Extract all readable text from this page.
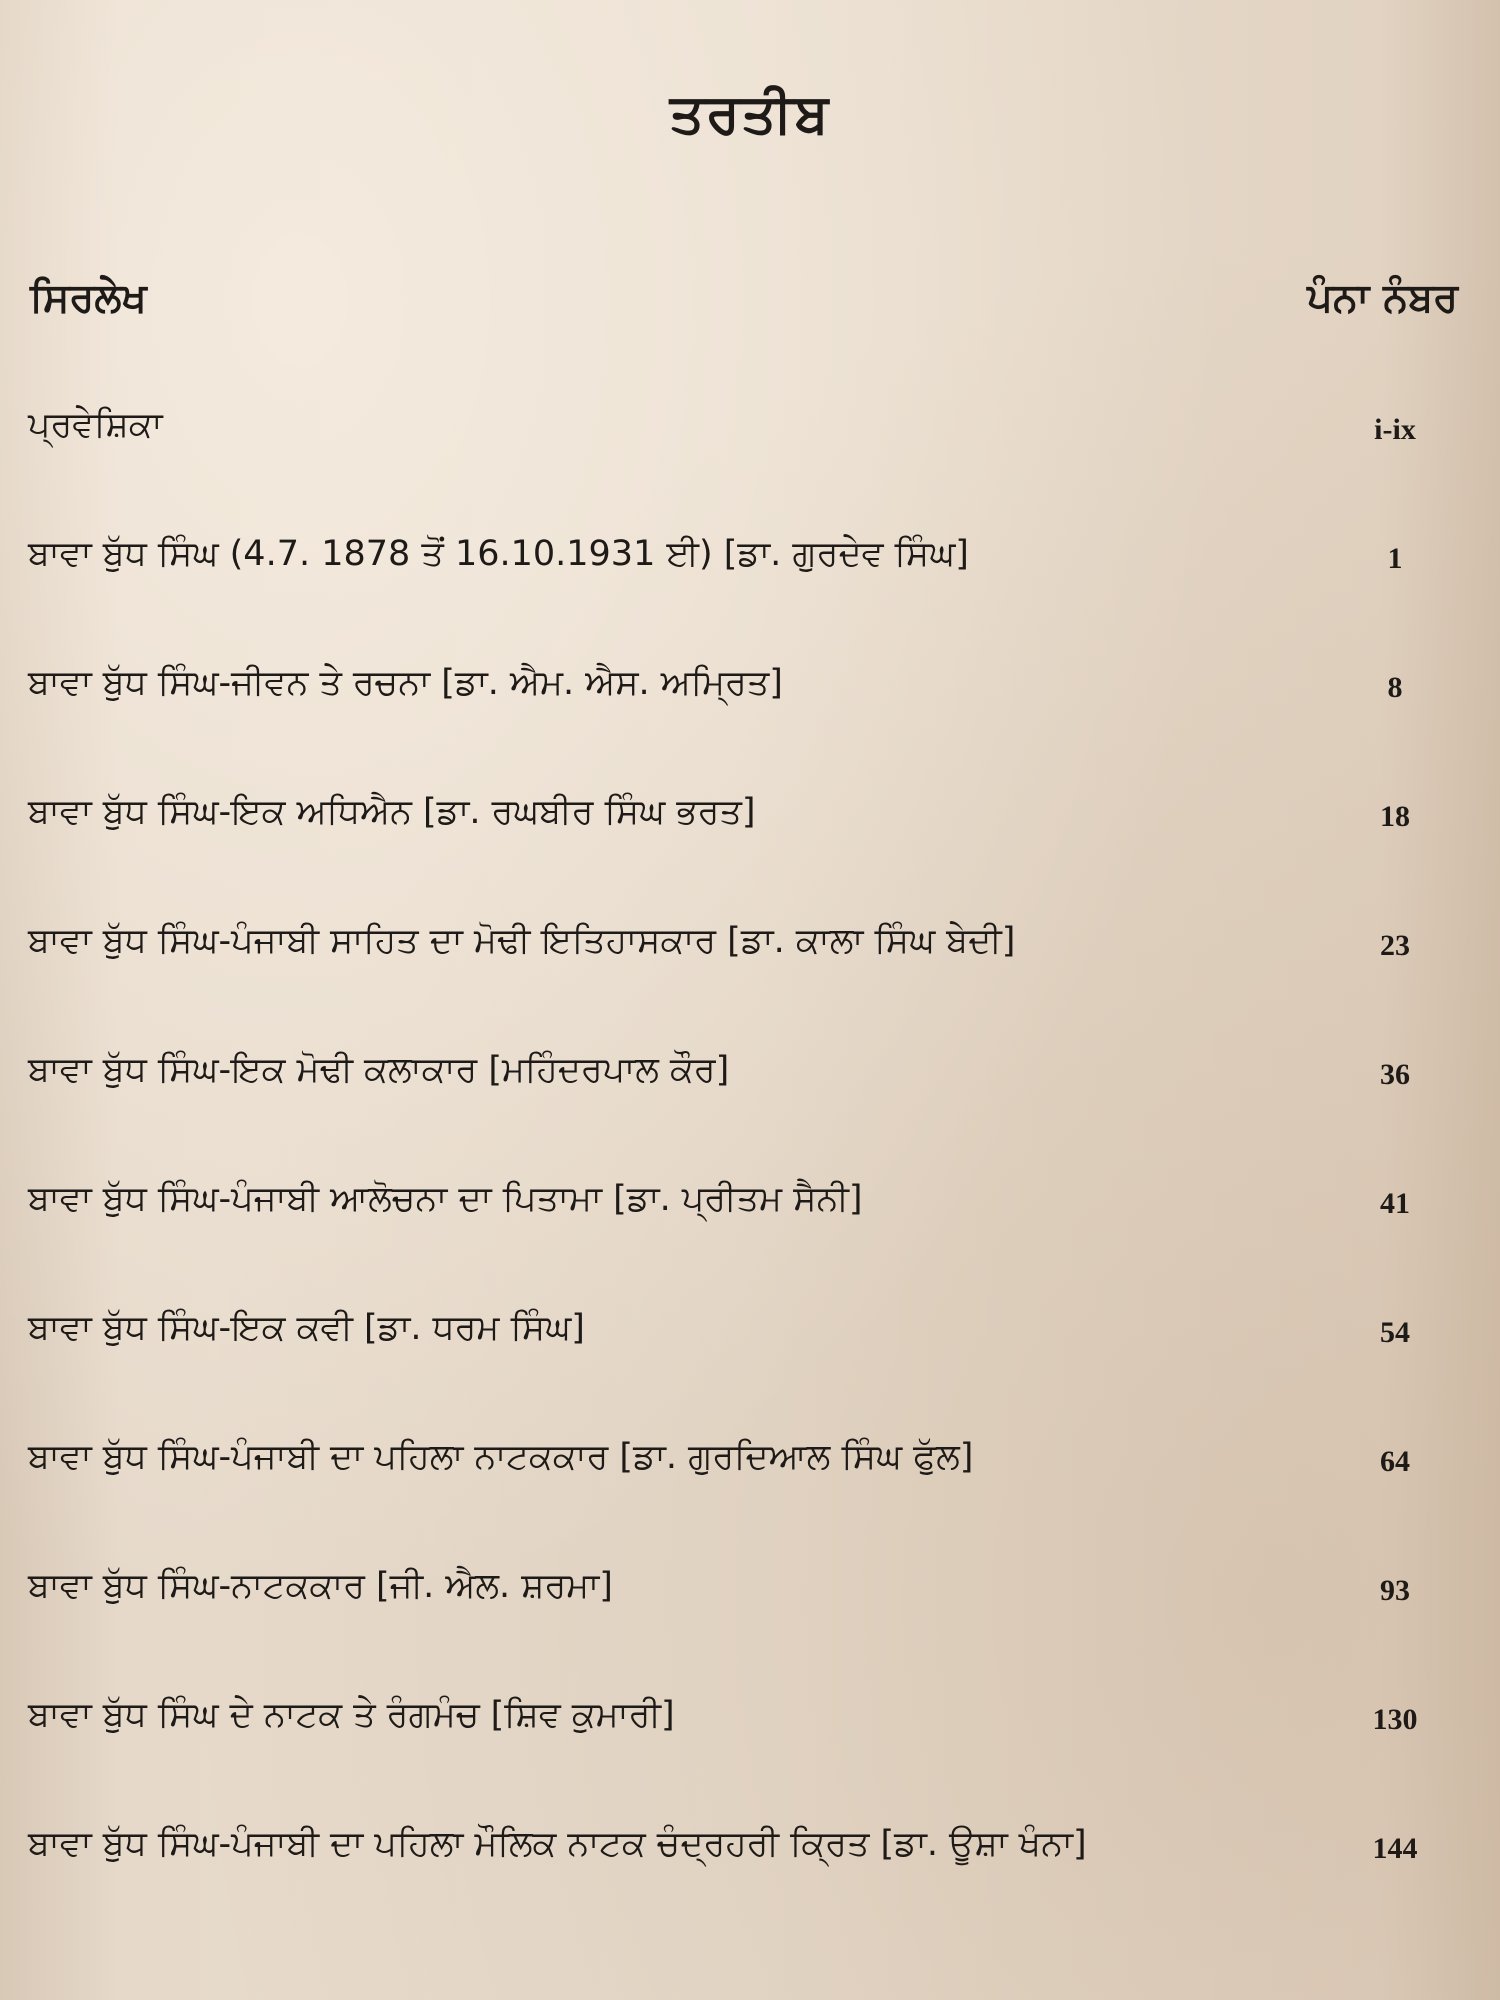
ਤਰਤੀਬ
ਸਿਰਲੇਖ	ਪੰਨਾ ਨੰਬਰ
ਪ੍ਰਵੇਸ਼ਿਕਾ	i-ix
ਬਾਵਾ ਬੁੱਧ ਸਿੰਘ (4.7. 1878 ਤੋਂ 16.10.1931 ਈ) [ਡਾ. ਗੁਰਦੇਵ ਸਿੰਘ]	1
ਬਾਵਾ ਬੁੱਧ ਸਿੰਘ-ਜੀਵਨ ਤੇ ਰਚਨਾ [ਡਾ. ਐਮ. ਐਸ. ਅਮ੍ਰਿਤ]	8
ਬਾਵਾ ਬੁੱਧ ਸਿੰਘ-ਇਕ ਅਧਿਐਨ [ਡਾ. ਰਘਬੀਰ ਸਿੰਘ ਭਰਤ]	18
ਬਾਵਾ ਬੁੱਧ ਸਿੰਘ-ਪੰਜਾਬੀ ਸਾਹਿਤ ਦਾ ਮੋਢੀ ਇਤਿਹਾਸਕਾਰ [ਡਾ. ਕਾਲਾ ਸਿੰਘ ਬੇਦੀ]	23
ਬਾਵਾ ਬੁੱਧ ਸਿੰਘ-ਇਕ ਮੋਢੀ ਕਲਾਕਾਰ [ਮਹਿੰਦਰਪਾਲ ਕੌਰ]	36
ਬਾਵਾ ਬੁੱਧ ਸਿੰਘ-ਪੰਜਾਬੀ ਆਲੋਚਨਾ ਦਾ ਪਿਤਾਮਾ [ਡਾ. ਪ੍ਰੀਤਮ ਸੈਨੀ]	41
ਬਾਵਾ ਬੁੱਧ ਸਿੰਘ-ਇਕ ਕਵੀ [ਡਾ. ਧਰਮ ਸਿੰਘ]	54
ਬਾਵਾ ਬੁੱਧ ਸਿੰਘ-ਪੰਜਾਬੀ ਦਾ ਪਹਿਲਾ ਨਾਟਕਕਾਰ [ਡਾ. ਗੁਰਦਿਆਲ ਸਿੰਘ ਫੁੱਲ]	64
ਬਾਵਾ ਬੁੱਧ ਸਿੰਘ-ਨਾਟਕਕਾਰ [ਜੀ. ਐਲ. ਸ਼ਰਮਾ]	93
ਬਾਵਾ ਬੁੱਧ ਸਿੰਘ ਦੇ ਨਾਟਕ ਤੇ ਰੰਗਮੰਚ [ਸ਼ਿਵ ਕੁਮਾਰੀ]	130
ਬਾਵਾ ਬੁੱਧ ਸਿੰਘ-ਪੰਜਾਬੀ ਦਾ ਪਹਿਲਾ ਮੌਲਿਕ ਨਾਟਕ ਚੰਦ੍ਰਹਰੀ ਕ੍ਰਿਤ [ਡਾ. ਊਸ਼ਾ ਖੰਨਾ]	144
